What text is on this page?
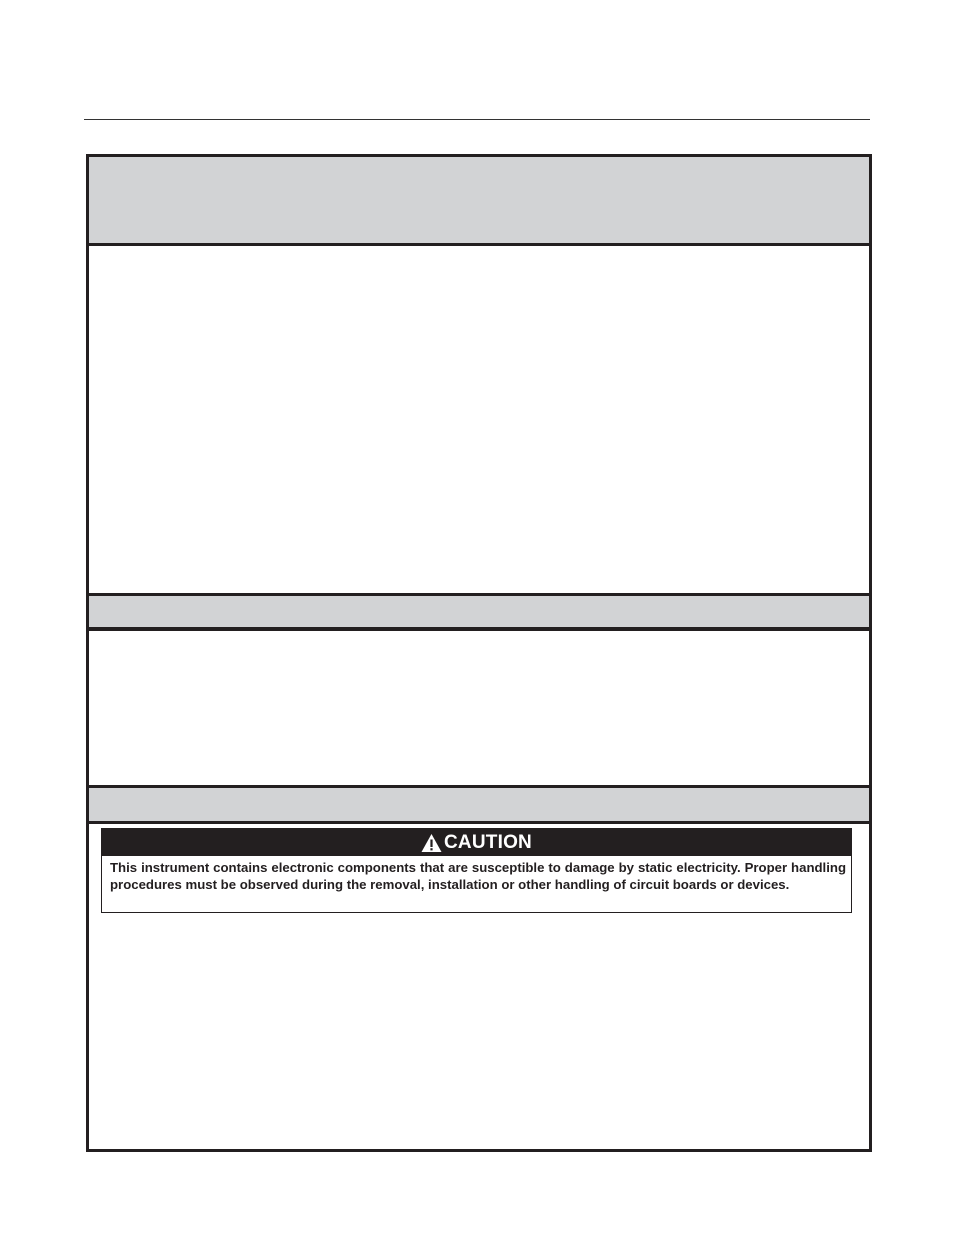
CAUTION
This instrument contains electronic components that are susceptible to damage by static electricity. Proper handling procedures must be observed during the removal, installation or other handling of circuit boards or devices.
